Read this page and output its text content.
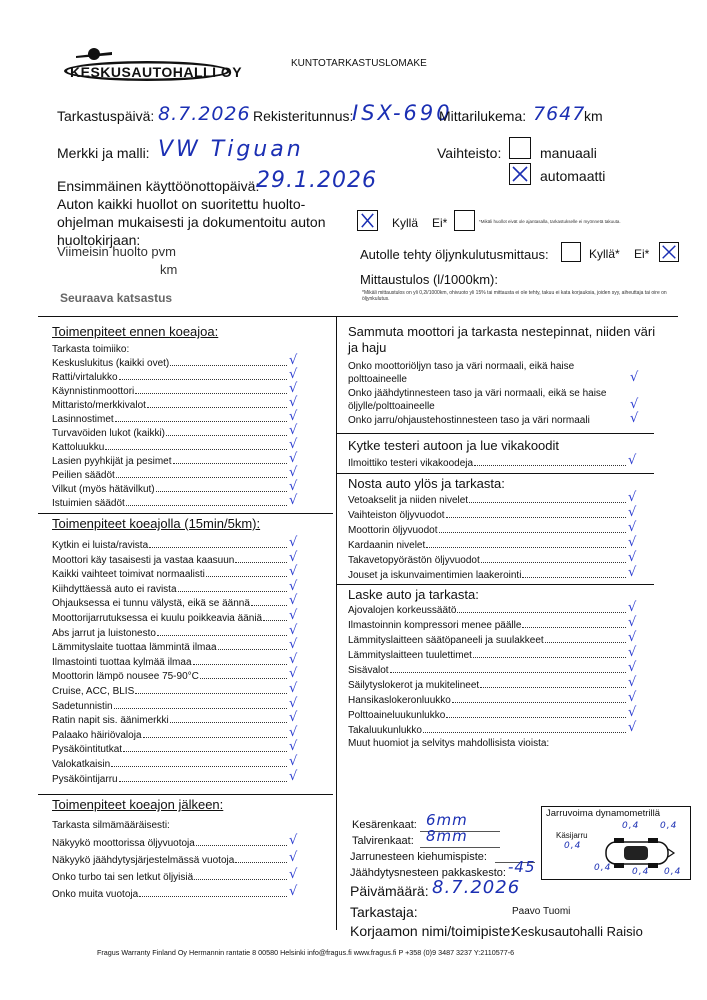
KESKUSAUTOHALLI OY
KUNTOTARKASTUSLOMAKE
Tarkastuspäivä: 8.7.2026 Rekisteritunnus:
ISX-690
Mittarilukema: 7647
km
Merkki ja malli: VW Tiguan	Vaihteisto:	manuaali
automaatti
Ensimmäinen käyttöönottopäivä:
29.1.2026
Auton kaikki huollot on suoritettu huolto-ohjelman mukaisesti ja dokumentoitu auton huoltokirjaan:
Kyllä Ei*	*Mikäli huollot eivät ole ajantasalla, tarkastukselle ei myönnetä takuuta.
Viimeisin huolto pvm
km
Autolle tehty öljynkulutusmittaus:	Kyllä* Ei*
Mittaustulos (l/1000km):
*Mikäli mittaustulos on yli 0,2l/1000km, ohivuoto yli 15% tai mittausta ei ole tehty, takuu ei kata korjauksia, joiden syy, aiheuttaja tai oire on öljynkulutus.
Seuraava katsastus
Toimenpiteet ennen koeajoa:
Tarkasta toimiiko:
Keskuslukitus (kaikki ovet)	√
Ratti/virtalukko	√
Käynnistinmoottori	√
Mittaristo/merkkivalot	√
Lasinnostimet	√
Turvavöiden lukot (kaikki)	√
Kattoluukku	√
Lasien pyyhkijät ja pesimet	√
Peilien säädöt	√
Vilkut (myös hätävilkut)	√
Istuimien säädöt	√
Toimenpiteet koeajolla (15min/5km):
Kytkin ei luista/ravista	√
Moottori käy tasaisesti ja vastaa kaasuun	√
Kaikki vaihteet toimivat normaalisti	√
Kiihdyttäessä auto ei ravista	√
Ohjauksessa ei tunnu välystä, eikä se äännä	√
Moottorijarrutuksessa ei kuulu poikkeavia ääniä √
Abs jarrut ja luistonesto	√
Lämmityslaite tuottaa lämmintä ilmaa	√
Ilmastointi tuottaa kylmää ilmaa	√
Moottorin lämpö nousee 75-90°C	√
Cruise, ACC, BLIS	√
Sadetunnistin	√
Ratin napit sis. äänimerkki	√
Palaako häiriövaloja	√
Pysäköintitutkat	√
Valokatkaisin	√
Pysäköintijarru	√
Toimenpiteet koeajon jälkeen:
Tarkasta silmämääräisesti:
Näkyykö moottorissa öljyvuotoja	√
Näkyykö jäähdytysjärjestelmässä vuotoja	√
Onko turbo tai sen letkut öljyisiä	√
Onko muita vuotoja	√
Sammuta moottori ja tarkasta nestepinnat, niiden väri ja haju
Onko moottoriöljyn taso ja väri normaali, eikä haise polttoaineelle	√
Onko jäähdytinnesteen taso ja väri normaali, eikä se haise öljylle/polttoaineelle	√
Onko jarru/ohjaustehostinnesteen taso ja väri normaali	√
Kytke testeri autoon ja lue vikakoodit
Ilmoittiko testeri vikakoodeja	√
Nosta auto ylös ja tarkasta:
Vetoakselit ja niiden nivelet	√
Vaihteiston öljyvuodot	√
Moottorin öljyvuodot	√
Kardaanin nivelet	√
Takavetopyörästön öljyvuodot	√
Jouset ja iskunvaimentimien laakerointi	√
Laske auto ja tarkasta:
Ajovalojen korkeussäätö	√
Ilmastoinnin kompressori menee päälle	√
Lämmityslaitteen säätöpaneeli ja suulakkeet	√
Lämmityslaitteen tuulettimet	√
Sisävalot	√
Säilytyslokerot ja mukitelineet	√
Hansikaslokeronluukko	√
Polttoaineluukunlukko	√
Takaluukunlukko	√
Muut huomiot ja selvitys mahdollisista vioista:
Kesärenkaat: 6mm
Talvirenkaat: 8mm
Jarrunesteen kiehumispiste:
Jäähdytysnesteen pakkaskesto: -45
Jarruvoima dynamometrillä
Käsijarru
0,4 0,4
0,4
0,4 0,4 0,4
Päivämäärä: 8.7.2026
Tarkastaja:	Paavo Tuomi
Korjaamon nimi/toimipiste:
Keskusautohalli Raisio
Fragus Warranty Finland Oy Hermannin rantatie 8 00580 Helsinki info@fragus.fi www.fragus.fi P +358 (0)9 3487 3237 Y:2110577-6
